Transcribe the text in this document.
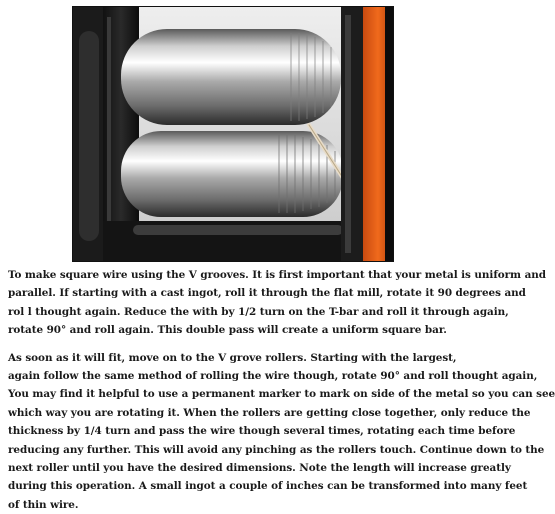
To make square wire using the V grooves. It is first important that your metal is uniform and
parallel. If starting with a cast ingot, roll it through the flat mill, rotate it 90 degrees and
rol l thought again. Reduce the with by 1/2 turn on the T-bar and roll it through again,
rotate 90° and roll again. This double pass will create a uniform square bar.

As soon as it will fit, move on to the V grove rollers. Starting with the largest,
again follow the same method of rolling the wire though, rotate 90° and roll thought again,
You may find it helpful to use a permanent marker to mark on side of the metal so you can see
which way you are rotating it. When the rollers are getting close together, only reduce the
thickness by 1/4 turn and pass the wire though several times, rotating each time before
reducing any further. This will avoid any pinching as the rollers touch. Continue down to the
next roller until you have the desired dimensions. Note the length will increase greatly
during this operation. A small ingot a couple of inches can be transformed into many feet
of thin wire.
